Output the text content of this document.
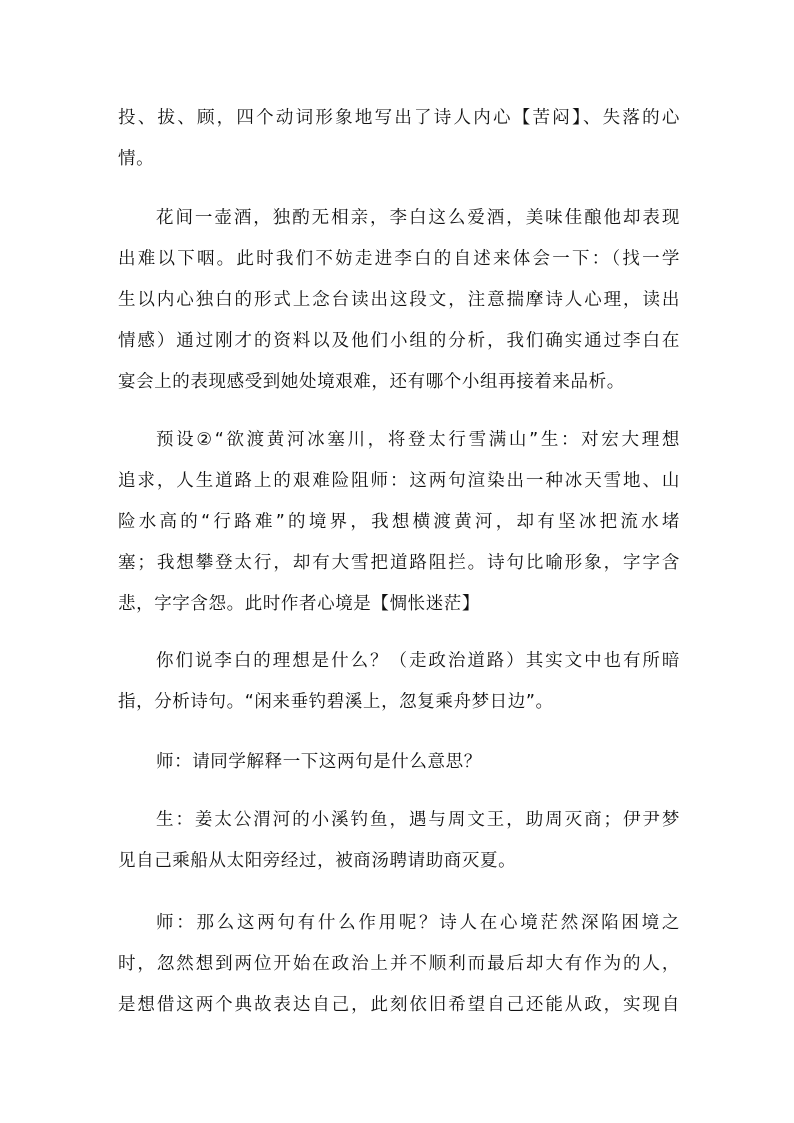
投、拔、顾，四个动词形象地写出了诗人内心【苦闷】、失落的心
情。
花间一壶酒，独酌无相亲，李白这么爱酒，美味佳酿他却表现
出难以下咽。此时我们不妨走进李白的自述来体会一下：（找一学
生以内心独白的形式上念台读出这段文，注意揣摩诗人心理，读出
情感）通过刚才的资料以及他们小组的分析，我们确实通过李白在
宴会上的表现感受到她处境艰难，还有哪个小组再接着来品析。
预设②“欲渡黄河冰塞川，将登太行雪满山”生：对宏大理想
追求，人生道路上的艰难险阻师：这两句渲染出一种冰天雪地、山
险水高的“行路难”的境界，我想横渡黄河，却有坚冰把流水堵
塞；我想攀登太行，却有大雪把道路阻拦。诗句比喻形象，字字含
悲，字字含怨。此时作者心境是【惆怅迷茫】
你们说李白的理想是什么？（走政治道路）其实文中也有所暗
指，分析诗句。“闲来垂钓碧溪上，忽复乘舟梦日边”。
师：请同学解释一下这两句是什么意思？
生：姜太公渭河的小溪钓鱼，遇与周文王，助周灭商；伊尹梦
见自己乘船从太阳旁经过，被商汤聘请助商灭夏。
师：那么这两句有什么作用呢？诗人在心境茫然深陷困境之
时，忽然想到两位开始在政治上并不顺利而最后却大有作为的人，
是想借这两个典故表达自己，此刻依旧希望自己还能从政，实现自
